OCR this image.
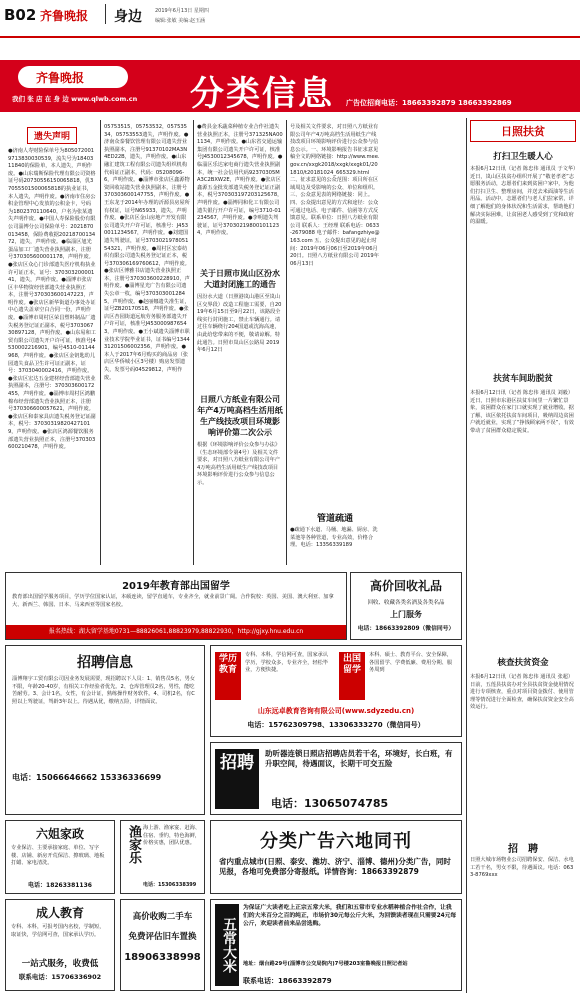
B02 齐鲁晚报 身边	2019年6月13日 星期四
编辑:张敏 美编:赵玉涵
齐鲁晚报
我们 张 店 在 身 边 www.qlwb.com.cn 分类信息 广告位招商电话：18663392879 18663392869
遗失声明
●济南人寿财险保单号为8050720019713830030539，流失号为1840311840的保险单，本人遗失，声明作废。●山东瑞斯保险代理有限公司资格证号码20730556150065818，仉37055501500065818的执业证书，本人遗失，声明作废。●济南市住房公积金管理中心发放的公积金卡，号码为1802370110640，户名为张某遗失声明作废。●中国人寿保险股份有限公司淄博分公司保险单号：2021870013458，保险费收据2021870013472，遗失，声明作废。●临淄区旭光蛋品加工厂遗失营业执照副本，注册号370305600001178，声明作废。●张店区众心门诊部遗失医疗机构执业许可证正本，证号：37030320000141，遗失，声明作废。●淄博市张店区丰华物资经营部遗失营业执照正本，注册号370303600147223，声明作废。●张店区新华街道办事处办证中心遗失盖章空白合同一份，声明作废。●淄博市周村区荣昌塑料制品厂遗失税务登记证正副本，税号370306730897128，声明作废。●山东易和工贸有限公司遗失开户许可证，核准号J4530002216901，编号4510-01144968，声明作废。●张店区金钥匙幼儿园遗失食品卫生许可证正副本，证号：3703040002416，声明作废。●张店区宏达五金建材经营部遗失营业执照副本，注册号：370303600172455，声明作废。●淄博市周村区鸿鹏棉布经营部遗失营业执照正本，注册号370306600057621，声明作废。●张店区和泰家具店遗失税务登记证副本，税号：370303198204271019，声明作废。●张店区鸿源餐饮服务部遗失营业执照正本，注册号370303600210478，声明作废。
05753515，05753532，05753534，05753553遗失，声明作废。●济南众泰餐饮管理有限公司遗失营业执照副本，注册号91370102MA3N4ED22B，遗失，声明作废。●山东融汇建筑工程有限公司遗失组织机构代码证正副本，代码：05208096-6，声明作废。●淄博市张店区鑫源物资回收站遗失营业执照副本，注册号370303600147755，声明作废。●王东龙于2014年办理的沂源县房屋所有权证，证号N65933，遗失，声明作废。●张店区金山房地产开发有限公司遗失开户许可证，核准号：J4530011234567，声明作废。●刘建国遗失驾驶证，证号370302197805154321，声明作废。●周村区宏泰纺织有限公司遗失税务登记证正本，税号370306169760612，声明作废。●张店区博雅书店遗失营业执照正本，注册号370303600228910，声明作废。●淄博星光广告有限公司遗失公章一枚，编号3703030012845，声明作废。●赵丽娜遗失准生证，证号ZB20170518，声明作废。●张店区杏园街道远航劳务服务部遗失开户许可证，核准号J4530009876543，声明作废。●王小斌遗失淄博市职业技术学院毕业证书，证书编号134431201506002356，声明作废。●本人于2017年6月购买的商品房（张店区华侨城小区3号楼）购房发票遗失，发票号码04529812，声明作废。
●费县金禾蔬菜种植专业合作社遗失营业执照正本，注册号371325NA001134，声明作废。●山东省交通运输集团有限公司遗失开户许可证，核准号J4530012345678，声明作废。●临淄区乐达家电商行遗失营业执照副本，统一社会信用代码92370305MA3C2BXW2E，声明作废。●张店区鑫源五金批发部遗失税务登记证正副本，税号370303197203125678，声明作废。●淄博同和化工有限公司遗失银行开户许可证，编号3710-01234567，声明作废。●李明遗失驾驶证，证号370302198001011234，声明作废。
关于日照市岚山区汾水大道封闭施工的通告
因汾水大道（日照港岚山港区至岚山区交界段）改造工程施工需要，自2019年6月15日至9月22日，该路段全线实行封闭施工，禁止车辆通行。请过往车辆绕行204国道或沈海高速，由此给您带来的不便，敬请谅解。特此通告。日照市岚山区公路局 2019年6月12日
日照八方纸业有限公司年产4万吨高档生活用纸生产线技改项目环境影响评价第二次公示
根据《环境影响评价公众参与办法》（生态环境部令第4号）及相关文件要求，对日照八方纸业有限公司年产4万吨高档生活用纸生产线技改项目环境影响评价进行公众参与信息公示。
号及相关文件要求，对日照八方纸业有限公司年产4万吨高档生活用纸生产线技改项目环境影响评价进行公众参与信息公示。一、环境影响报告书征求意见稿全文的网络链接：http://www.mee.gov.cn/xxgk2018/xxgk/xxgk01/201810/t20181024_665329.html 二、征求意见的公众范围：项目所在区域周边及受影响的公众、单位和组织。三、公众意见表的网络链接：同上。四、公众提出意见的方式和途径：公众可通过电话、电子邮件、信函等方式反馈意见。联系单位：日照八方纸业有限公司 联系人：王经理 联系电话：0633-2679088 电子邮件：bafangzhiye@163.com 五、公众提出意见的起止时间：2019年06月06日至2019年06月20日。日照八方纸业有限公司 2019年06月13日
管道疏通
●疏通下水道、马桶、地漏、厨房、洗菜池等各种管道，专业高效，价格合理。电话：13356339189
日照扶贫
打扫卫生暖人心
本报6月12日讯（记者 陈忠伟 通讯员 于文华）近日，岚山区扶贫办组织开展了“敬老孝老”志愿服务活动，志愿者们来到贫困户家中，为他们打扫卫生、整理房间，并送去米面油等生活用品。活动中，志愿者们与老人们拉家常，详细了解他们的身体状况和生活需求，帮助他们解决实际困难，让贫困老人感受到了党和政府的温暖。
扶贫车间助脱贫
本报6月12日讯（记者 陈忠伟 通讯员 刘毅）近日，日照市东港区扶贫车间里一片繁忙景象，贫困群众在家门口就实现了就业增收。据了解，该区依托扶贫车间项目，吸纳周边贫困户就近就业，实现了“挣钱顾家两不误”，有效带动了贫困群众稳定脱贫。
核查扶贫资金
本报6月12日讯（记者 陈忠伟 通讯员 张超）日前，五莲县扶贫办对全县扶贫资金使用情况进行专项核查，重点对项目资金拨付、使用管理等情况进行全面检查，确保扶贫资金安全高效运行。
招　聘
日照大城市场物业公司招聘保安、保洁、水电工若干名，男女不限，待遇面议。电话：0633-8769xxx
2019年教育部出国留学
教育部出国留学服务项目，学历学位国家认证，本硕连读，留学直通车，专业齐全，就业前景广阔。合作院校：英国、美国、澳大利亚、加拿大、新西兰、韩国、日本、马来西亚等国家名校。
报名热线：湖大留学基地0731—88826061,88823979,88822930，http://gjxy.hnu.edu.cn
高价回收礼品
回收、收藏各类名酒及各类名品
上门服务
电话：18663392809（微信同号）
招聘信息
淄博翔宇工贸有限公司因业务发展需要，现招聘以下人员：1、销售员5名，男女不限，年龄20-40岁，有相关工作经验者优先。2、仓库管理员2名，男性，能吃苦耐劳。3、会计1名，女性，有会计证，熟练操作财务软件。4、司机2名，有C照以上驾驶证，驾龄3年以上。待遇从优，缴纳五险，详情面议。
电话：15066646662 15336336699
学历教育
专科、本科，学信网可查，国家承认学历，学校众多，专业齐全，轻松毕业，方便快捷。
出国留学
本科、硕士、教育平台、安全保障，各国留学、学费低廉、费用分期、服务周到
山东远卓教育咨询有限公司(www.sdyzedu.cn)
电话：15762309798、13306333270（微信同号）
招聘	助听器连锁日照店招聘店员若干名，环境好，长白班，有升职空间，待遇面议，长期干可交五险
电话：13065074785
六姐家政
专业保洁、主要承接家庭、单位、写字楼、店铺、新房开荒保洁、擦玻璃、地板打蜡、家电清洗。
电话：18263381136
渔家乐 海上游、渔家宴、赶海、住宿、垂钓，特色海鲜，价格实惠，团队优惠。
电话：15306338399
分类广告六地同刊
省内重点城市(日照、泰安、潍坊、济宁、淄博、德州)分类广告，同时见报，各地可免费部分寄报纸。详情咨询：18663392879
成人教育
专科、本科，可报考国内名校，学制短，取证快，学信网可查，国家承认学历。
一站式服务，收费低
联系电话：15706336902
高价收购二手车
免费评估旧车置换
18906338998	五常大米
为保证广大读者吃上正宗五常大米，我们和五常市专业水稻种植合作社合作，让我们的大米百分之百的纯正，市场价30元每公斤大米，为回馈读者现在只需要24元每公斤，欢迎读者前来品尝选购。
地址：烟台路29号(淄博市公交局院内)7号楼203室鲁晚报日照记者站
联系电话：18663392879
